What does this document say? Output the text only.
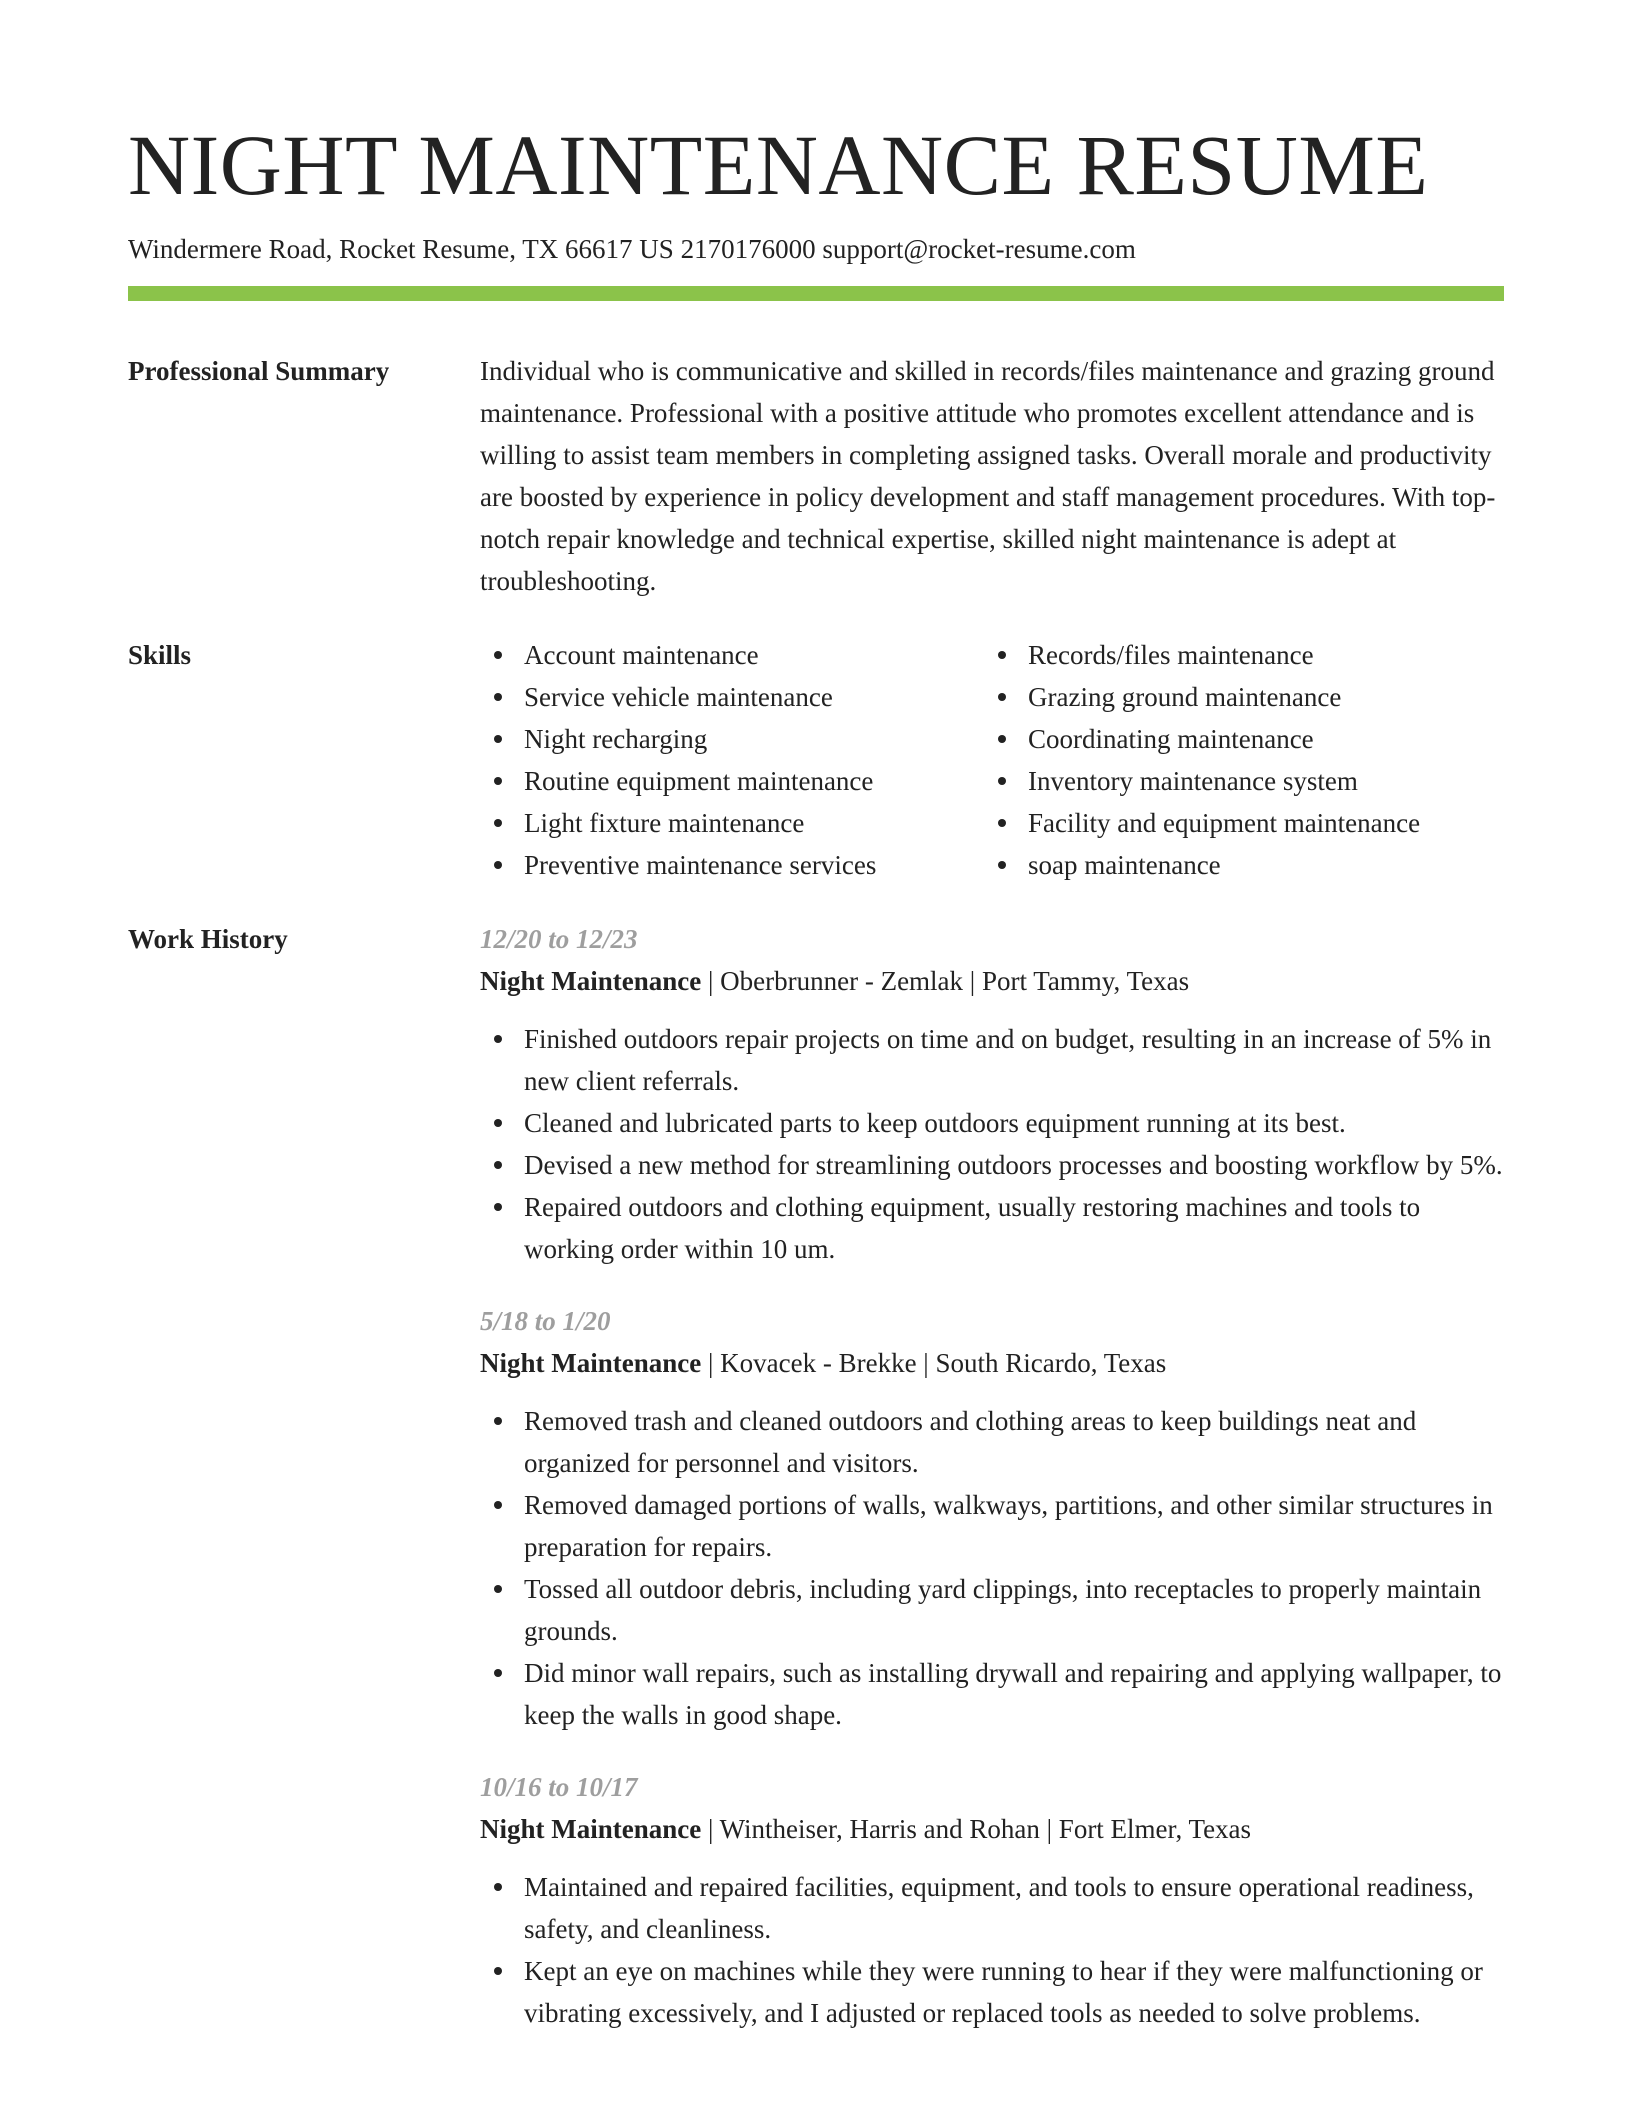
NIGHT MAINTENANCE RESUME
Windermere Road, Rocket Resume, TX 66617 US 2170176000 support@rocket-resume.com
Professional Summary	Individual who is communicative and skilled in records/files maintenance and grazing ground maintenance. Professional with a positive attitude who promotes excellent attendance and is willing to assist team members in completing assigned tasks. Overall morale and productivity are boosted by experience in policy development and staff management procedures. With top-notch repair knowledge and technical expertise, skilled night maintenance is adept at troubleshooting.
Skills	Account maintenance
Service vehicle maintenance
Night recharging
Routine equipment maintenance
Light fixture maintenance
Preventive maintenance services
Records/files maintenance
Grazing ground maintenance
Coordinating maintenance
Inventory maintenance system
Facility and equipment maintenance
soap maintenance
Work History	12/20 to 12/23
Night Maintenance | Oberbrunner - Zemlak | Port Tammy, Texas
Finished outdoors repair projects on time and on budget, resulting in an increase of 5% in new client referrals.
Cleaned and lubricated parts to keep outdoors equipment running at its best.
Devised a new method for streamlining outdoors processes and boosting workflow by 5%.
Repaired outdoors and clothing equipment, usually restoring machines and tools to working order within 10 um.
5/18 to 1/20
Night Maintenance | Kovacek - Brekke | South Ricardo, Texas
Removed trash and cleaned outdoors and clothing areas to keep buildings neat and organized for personnel and visitors.
Removed damaged portions of walls, walkways, partitions, and other similar structures in preparation for repairs.
Tossed all outdoor debris, including yard clippings, into receptacles to properly maintain grounds.
Did minor wall repairs, such as installing drywall and repairing and applying wallpaper, to keep the walls in good shape.
10/16 to 10/17
Night Maintenance | Wintheiser, Harris and Rohan | Fort Elmer, Texas
Maintained and repaired facilities, equipment, and tools to ensure operational readiness, safety, and cleanliness.
Kept an eye on machines while they were running to hear if they were malfunctioning or vibrating excessively, and I adjusted or replaced tools as needed to solve problems.
